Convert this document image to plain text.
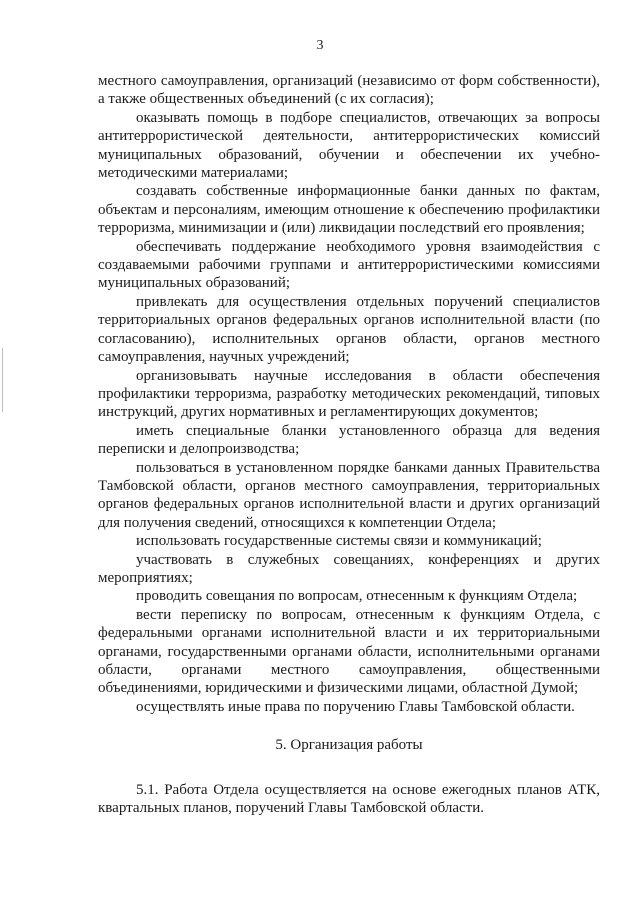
3

местного самоуправления, организаций (независимо от форм собственности), а также общественных объединений (с их согласия);

оказывать помощь в подборе специалистов, отвечающих за вопросы антитеррористической деятельности, антитеррористических комиссий муниципальных образований, обучении и обеспечении их учебно-методическими материалами;

создавать собственные информационные банки данных по фактам, объектам и персоналиям, имеющим отношение к обеспечению профилактики терроризма, минимизации и (или) ликвидации последствий его проявления;

обеспечивать поддержание необходимого уровня взаимодействия с создаваемыми рабочими группами и антитеррористическими комиссиями муниципальных образований;

привлекать для осуществления отдельных поручений специалистов территориальных органов федеральных органов исполнительной власти (по согласованию), исполнительных органов области, органов местного самоуправления, научных учреждений;

организовывать научные исследования в области обеспечения профилактики терроризма, разработку методических рекомендаций, типовых инструкций, других нормативных и регламентирующих документов;

иметь специальные бланки установленного образца для ведения переписки и делопроизводства;

пользоваться в установленном порядке банками данных Правительства Тамбовской области, органов местного самоуправления, территориальных органов федеральных органов исполнительной власти и других организаций для получения сведений, относящихся к компетенции Отдела;

использовать государственные системы связи и коммуникаций;

участвовать в служебных совещаниях, конференциях и других мероприятиях;

проводить совещания по вопросам, отнесенным к функциям Отдела;

вести переписку по вопросам, отнесенным к функциям Отдела, с федеральными органами исполнительной власти и их территориальными органами, государственными органами области, исполнительными органами области, органами местного самоуправления, общественными объединениями, юридическими и физическими лицами, областной Думой;

осуществлять иные права по поручению Главы Тамбовской области.

5. Организация работы

5.1. Работа Отдела осуществляется на основе ежегодных планов АТК, квартальных планов, поручений Главы Тамбовской области.
